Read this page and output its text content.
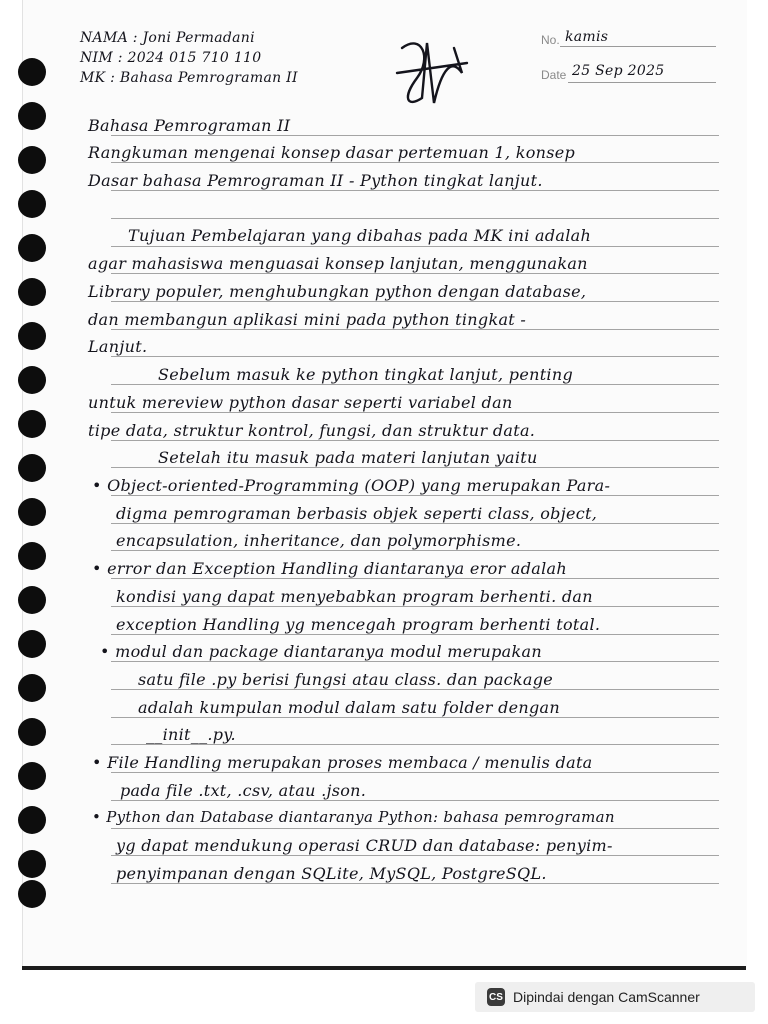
NAMA : Joni Permadani
NIM : 2024 015 710 110
MK : Bahasa Pemrograman II
No. kamis
Date 25 Sep 2025
Bahasa Pemrograman II
Rangkuman mengenai konsep dasar pertemuan 1, konsep
Dasar bahasa Pemrograman II - Python tingkat lanjut.
Tujuan Pembelajaran yang dibahas pada MK ini adalah
agar mahasiswa menguasai konsep lanjutan, menggunakan
Library populer, menghubungkan python dengan database,
dan membangun aplikasi mini pada python tingkat -
Lanjut.
Sebelum masuk ke python tingkat lanjut, penting
untuk mereview python dasar seperti variabel dan
tipe data, struktur kontrol, fungsi, dan struktur data.
Setelah itu masuk pada materi lanjutan yaitu
• Object-oriented-Programming (OOP) yang merupakan Para-
digma pemrograman berbasis objek seperti class, object,
encapsulation, inheritance, dan polymorphisme.
• error dan Exception Handling diantaranya eror adalah
kondisi yang dapat menyebabkan program berhenti. dan
exception Handling yg mencegah program berhenti total.
• modul dan package diantaranya modul merupakan
satu file .py berisi fungsi atau class. dan package
adalah kumpulan modul dalam satu folder dengan
__init__.py.
• File Handling merupakan proses membaca / menulis data
pada file .txt, .csv, atau .json.
• Python dan Database diantaranya Python: bahasa pemrograman
yg dapat mendukung operasi CRUD dan database: penyim-
penyimpanan dengan SQLite, MySQL, PostgreSQL.
CS Dipindai dengan CamScanner
